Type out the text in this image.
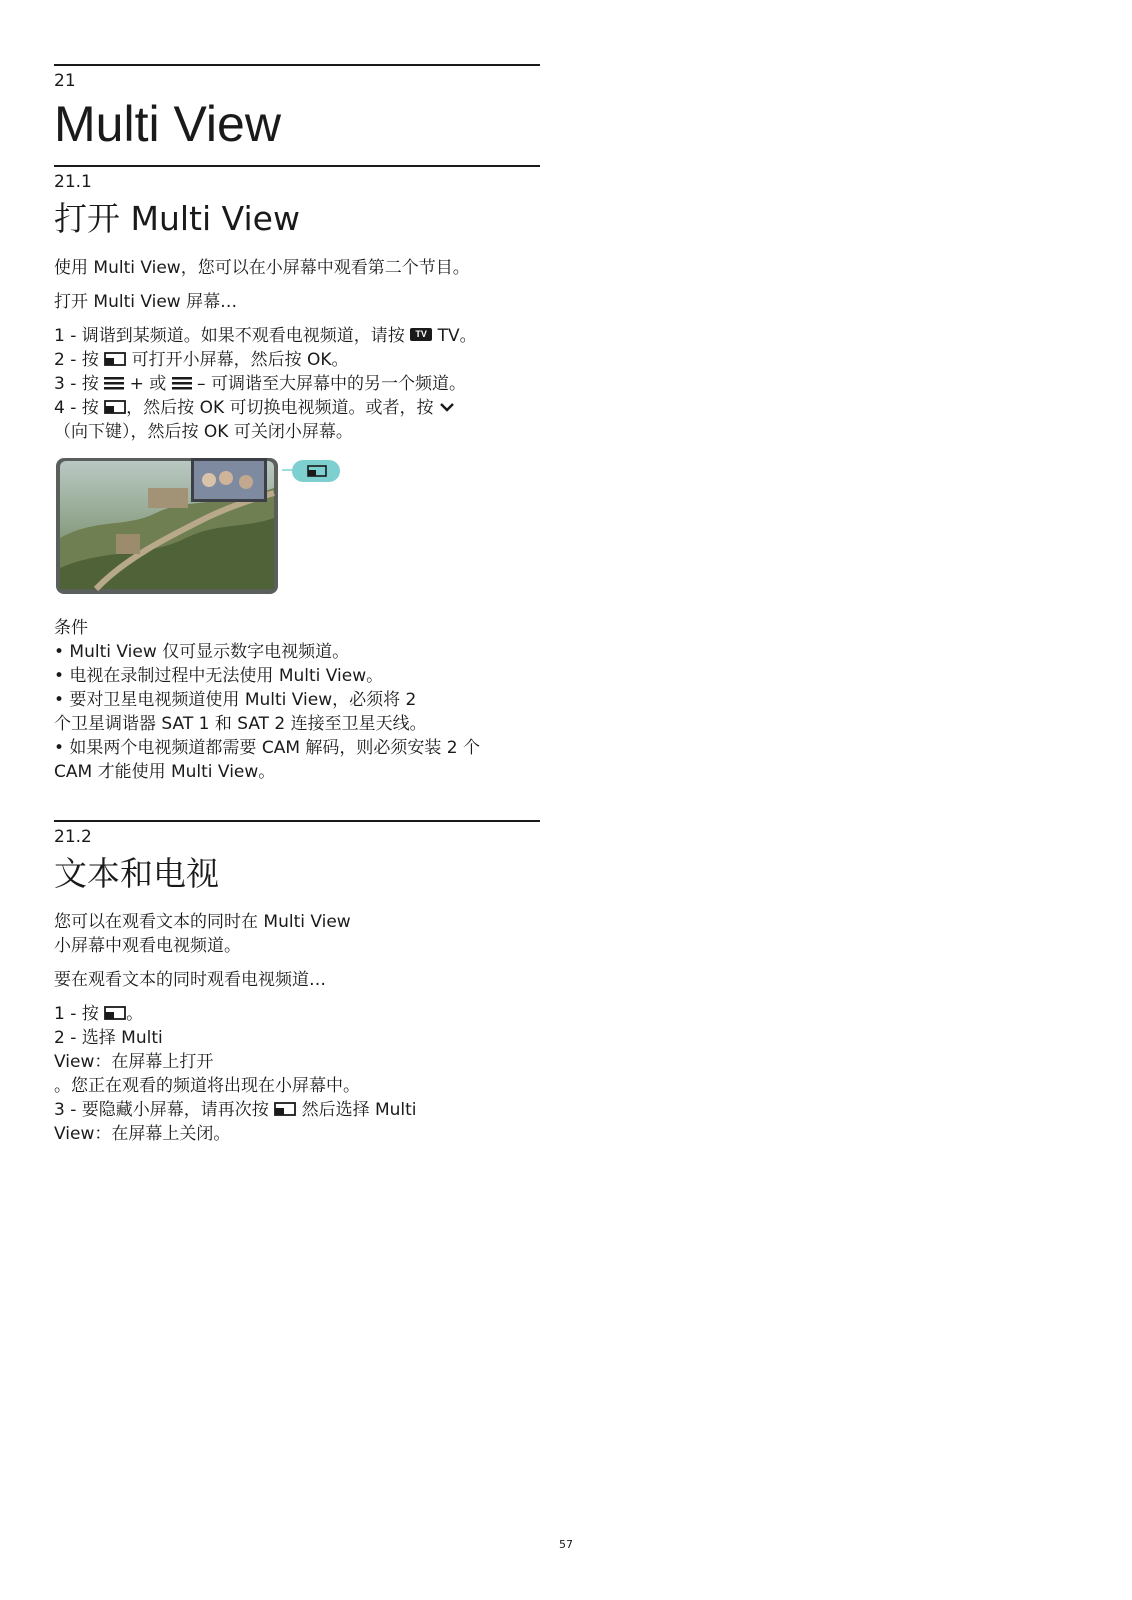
21
Multi View
21.1
打开 Multi View

使用 Multi View，您可以在小屏幕中观看第二个节目。

打开 Multi View 屏幕…

1 - 调谐到某频道。如果不观看电视频道，请按 TV TV。
2 - 按 可打开小屏幕，然后按 OK。
3 - 按 + 或 – 可调谐至大屏幕中的另一个频道。
4 - 按 ，然后按 OK 可切换电视频道。或者，按
（向下键），然后按 OK 可关闭小屏幕。

条件

• Multi View 仅可显示数字电视频道。

• 电视在录制过程中无法使用 Multi View。

• 要对卫星电视频道使用 Multi View，必须将 2

个卫星调谐器 SAT 1 和 SAT 2 连接至卫星天线。

• 如果两个电视频道都需要 CAM 解码，则必须安装 2 个

CAM 才能使用 Multi View。

21.2
文本和电视

您可以在观看文本的同时在 Multi View

小屏幕中观看电视频道。

要在观看文本的同时观看电视频道…

1 - 按 。
2 - 选择 Multi
View：在屏幕上打开
。您正在观看的频道将出现在小屏幕中。
3 - 要隐藏小屏幕，请再次按 然后选择 Multi
View：在屏幕上关闭。
57
